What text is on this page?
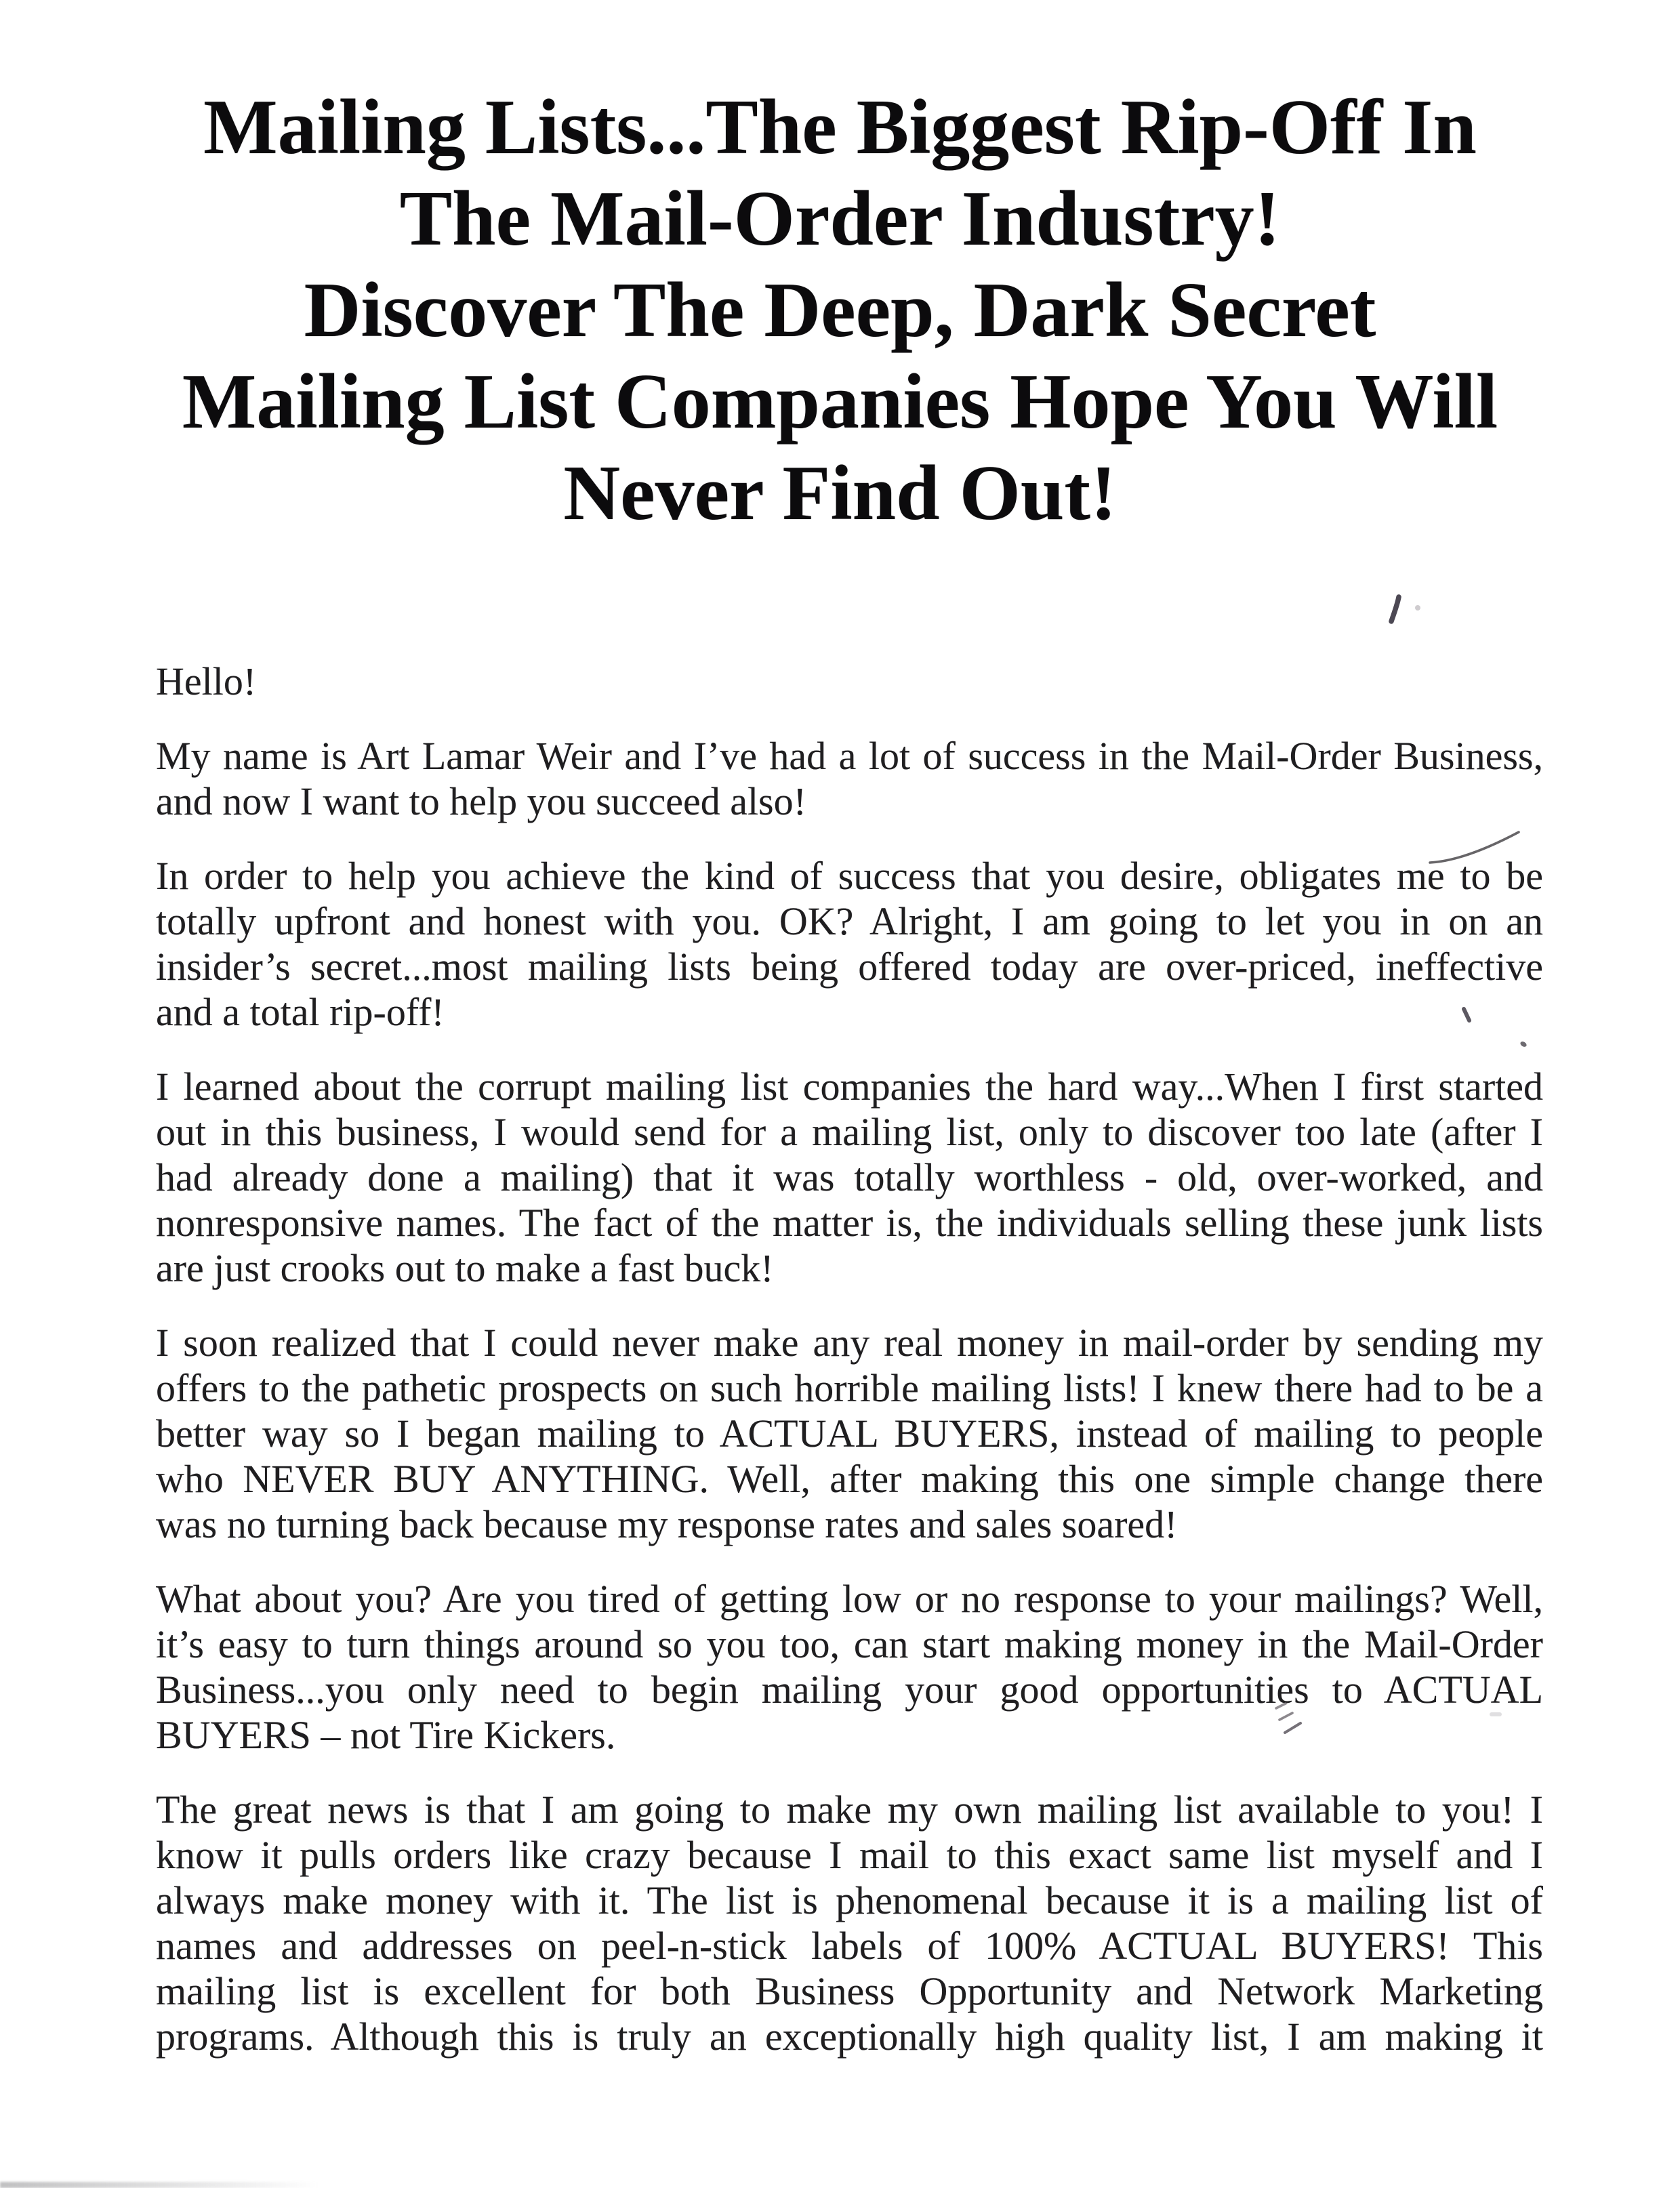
Mailing Lists...The Biggest Rip-Off In
The Mail-Order Industry!
Discover The Deep, Dark Secret
Mailing List Companies Hope You Will
Never Find Out!

Hello!

My name is Art Lamar Weir and I’ve had a lot of success in the Mail-Order Business,
and now I want to help you succeed also!

In order to help you achieve the kind of success that you desire, obligates me to be
totally upfront and honest with you. OK? Alright, I am going to let you in on an
insider’s secret...most mailing lists being offered today are over-priced, ineffective
and a total rip-off!

I learned about the corrupt mailing list companies the hard way...When I first started
out in this business, I would send for a mailing list, only to discover too late (after I
had already done a mailing) that it was totally worthless - old, over-worked, and
nonresponsive names. The fact of the matter is, the individuals selling these junk lists
are just crooks out to make a fast buck!

I soon realized that I could never make any real money in mail-order by sending my
offers to the pathetic prospects on such horrible mailing lists! I knew there had to be a
better way so I began mailing to ACTUAL BUYERS, instead of mailing to people
who NEVER BUY ANYTHING. Well, after making this one simple change there
was no turning back because my response rates and sales soared!

What about you? Are you tired of getting low or no response to your mailings? Well,
it’s easy to turn things around so you too, can start making money in the Mail-Order
Business...you only need to begin mailing your good opportunities to ACTUAL
BUYERS – not Tire Kickers.

The great news is that I am going to make my own mailing list available to you! I
know it pulls orders like crazy because I mail to this exact same list myself and I
always make money with it. The list is phenomenal because it is a mailing list of
names and addresses on peel-n-stick labels of 100% ACTUAL BUYERS! This
mailing list is excellent for both Business Opportunity and Network Marketing
programs. Although this is truly an exceptionally high quality list, I am making it
